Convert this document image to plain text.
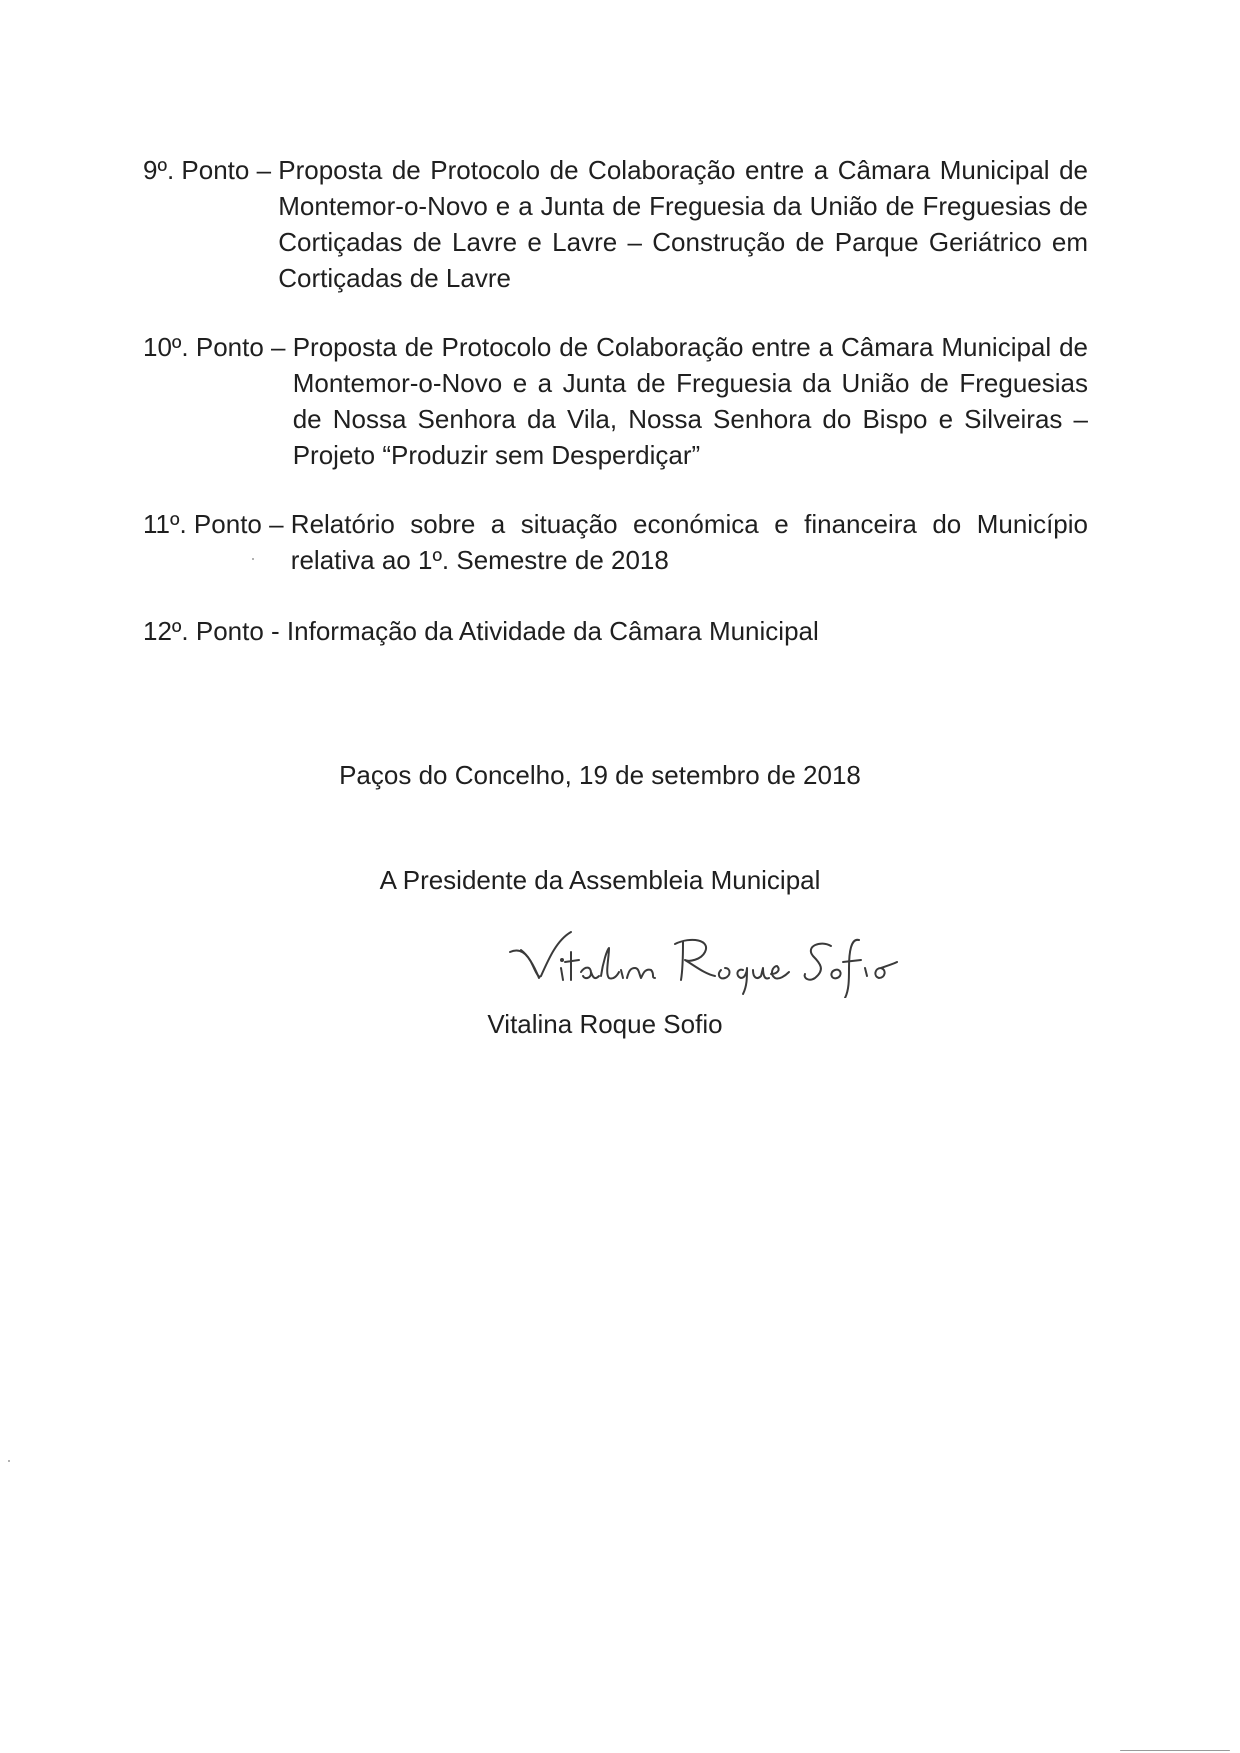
9º. Ponto – Proposta de Protocolo de Colaboração entre a Câmara Municipal de Montemor-o-Novo e a Junta de Freguesia da União de Freguesias de Cortiçadas de Lavre e Lavre – Construção de Parque Geriátrico em Cortiçadas de Lavre
10º. Ponto – Proposta de Protocolo de Colaboração entre a Câmara Municipal de Montemor-o-Novo e a Junta de Freguesia da União de Freguesias de Nossa Senhora da Vila, Nossa Senhora do Bispo e Silveiras – Projeto “Produzir sem Desperdiçar”
11º. Ponto – Relatório sobre a situação económica e financeira do Município relativa ao 1º. Semestre de 2018
12º. Ponto - Informação da Atividade da Câmara Municipal
Paços do Concelho, 19 de setembro de 2018
A Presidente da Assembleia Municipal
Vitalina Roque Sofio
